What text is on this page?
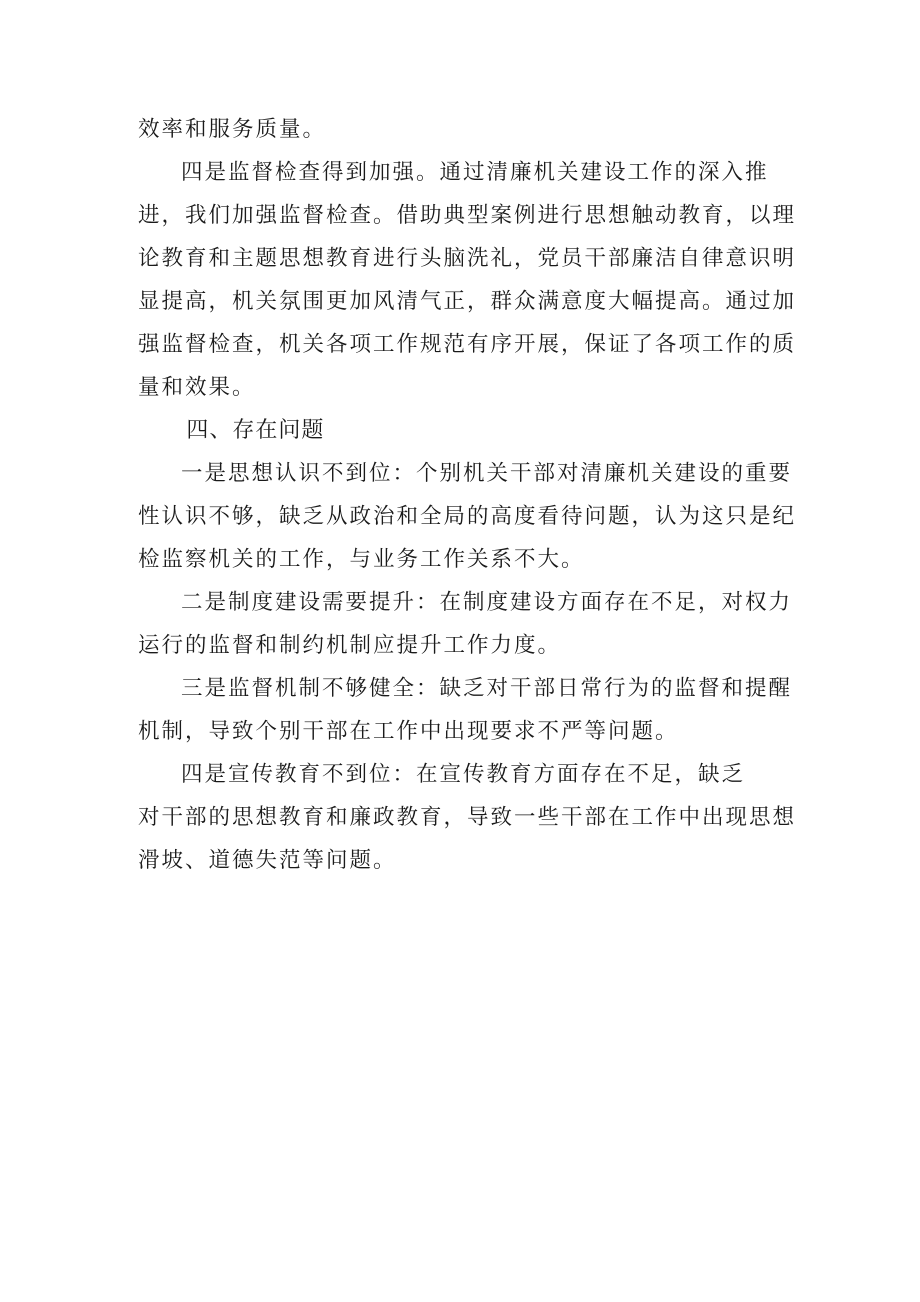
效率和服务质量。

四是监督检查得到加强。通过清廉机关建设工作的深入推进，我们加强监督检查。借助典型案例进行思想触动教育，以理论教育和主题思想教育进行头脑洗礼，党员干部廉洁自律意识明显提高，机关氛围更加风清气正，群众满意度大幅提高。通过加强监督检查，机关各项工作规范有序开展，保证了各项工作的质量和效果。

四、存在问题

一是思想认识不到位：个别机关干部对清廉机关建设的重要性认识不够，缺乏从政治和全局的高度看待问题，认为这只是纪检监察机关的工作，与业务工作关系不大。

二是制度建设需要提升：在制度建设方面存在不足，对权力运行的监督和制约机制应提升工作力度。

三是监督机制不够健全：缺乏对干部日常行为的监督和提醒机制，导致个别干部在工作中出现要求不严等问题。

四是宣传教育不到位：在宣传教育方面存在不足，缺乏
对干部的思想教育和廉政教育，导致一些干部在工作中出现思想滑坡、道德失范等问题。
